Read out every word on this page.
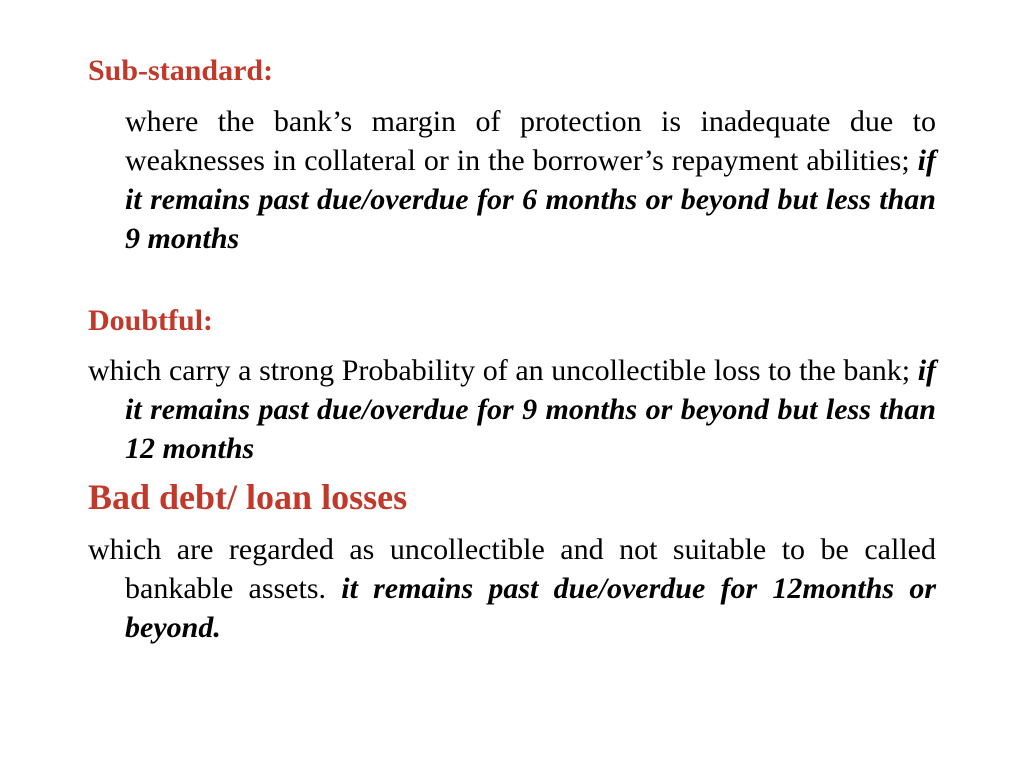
Sub-standard:
where the bank’s margin of protection is inadequate due to weaknesses in collateral or in the borrower’s repayment abilities; if it remains past due/overdue for 6 months or beyond but less than 9 months
Doubtful:
which carry a strong Probability of an uncollectible loss to the bank; if it remains past due/overdue for 9 months or beyond but less than 12 months
Bad debt/ loan losses
which are regarded as uncollectible and not suitable to be called bankable assets. it remains past due/overdue for 12months or beyond.
